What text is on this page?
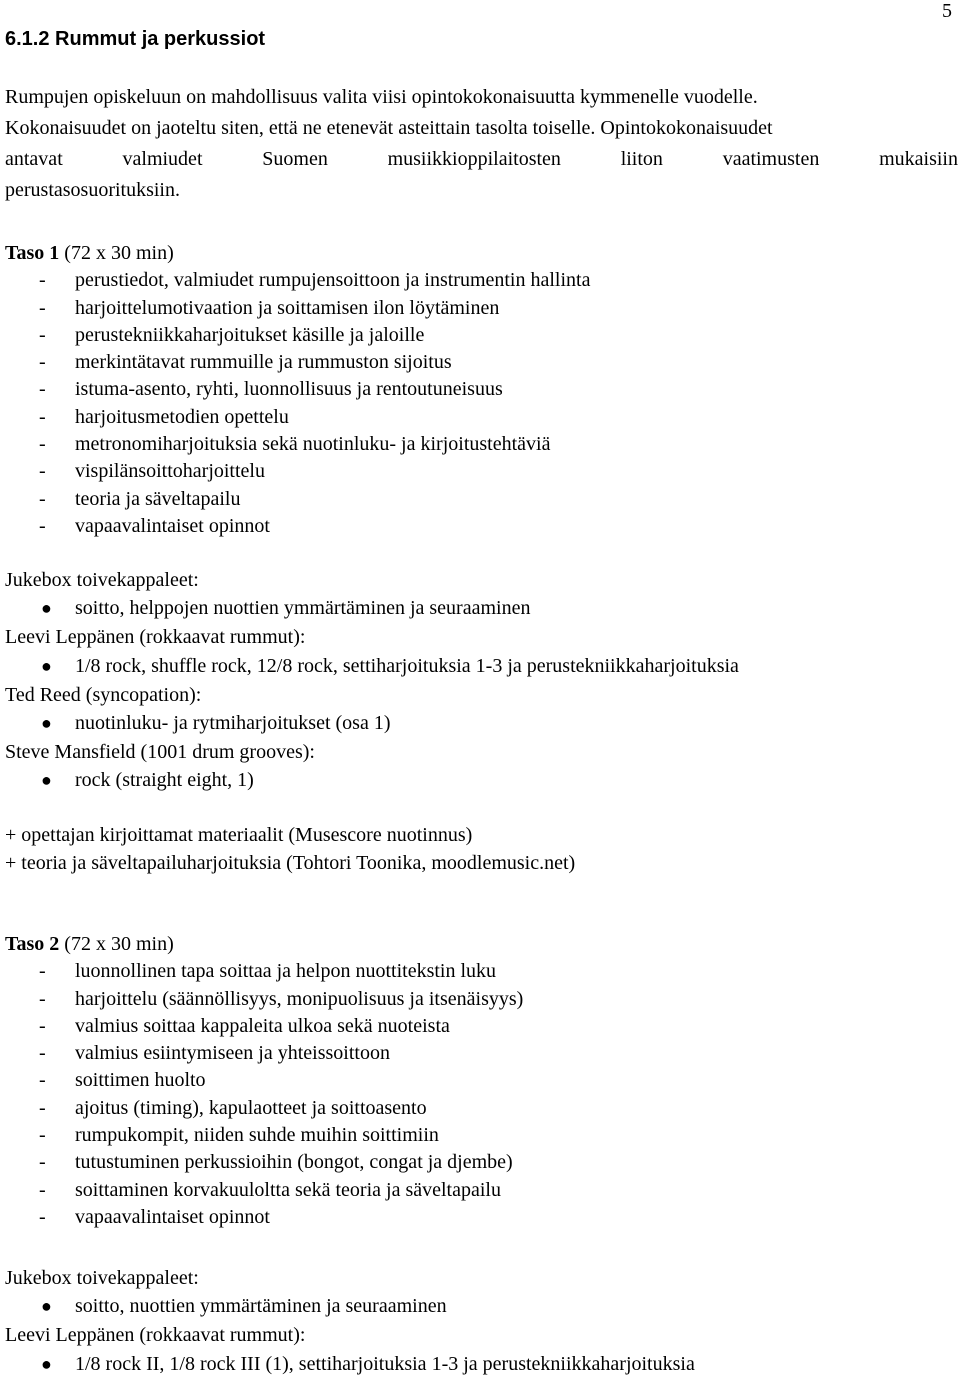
5
6.1.2 Rummut ja perkussiot
Rumpujen opiskeluun on mahdollisuus valita viisi opintokokonaisuutta kymmenelle vuodelle.
Kokonaisuudet on jaoteltu siten, että ne etenevät asteittain tasolta toiselle. Opintokokonaisuudet
antavat valmiudet Suomen musiikkioppilaitosten liiton vaatimusten mukaisiin
perustasosuorituksiin.
Taso 1 (72 x 30 min)
- perustiedot, valmiudet rumpujensoittoon ja instrumentin hallinta
- harjoittelumotivaation ja soittamisen ilon löytäminen
- perustekniikkaharjoitukset käsille ja jaloille
- merkintätavat rummuille ja rummuston sijoitus
- istuma-asento, ryhti, luonnollisuus ja rentoutuneisuus
- harjoitusmetodien opettelu
- metronomiharjoituksia sekä nuotinluku- ja kirjoitustehtäviä
- vispilänsoittoharjoittelu
- teoria ja säveltapailu
- vapaavalintaiset opinnot
Jukebox toivekappaleet:
● soitto, helppojen nuottien ymmärtäminen ja seuraaminen
Leevi Leppänen (rokkaavat rummut):
● 1/8 rock, shuffle rock, 12/8 rock, settiharjoituksia 1-3 ja perustekniikkaharjoituksia
Ted Reed (syncopation):
● nuotinluku- ja rytmiharjoitukset (osa 1)
Steve Mansfield (1001 drum grooves):
● rock (straight eight, 1)
+ opettajan kirjoittamat materiaalit (Musescore nuotinnus)
+ teoria ja säveltapailuharjoituksia (Tohtori Toonika, moodlemusic.net)
Taso 2 (72 x 30 min)
- luonnollinen tapa soittaa ja helpon nuottitekstin luku
- harjoittelu (säännöllisyys, monipuolisuus ja itsenäisyys)
- valmius soittaa kappaleita ulkoa sekä nuoteista
- valmius esiintymiseen ja yhteissoittoon
- soittimen huolto
- ajoitus (timing), kapulaotteet ja soittoasento
- rumpukompit, niiden suhde muihin soittimiin
- tutustuminen perkussioihin (bongot, congat ja djembe)
- soittaminen korvakuuloltta sekä teoria ja säveltapailu
- vapaavalintaiset opinnot
Jukebox toivekappaleet:
● soitto, nuottien ymmärtäminen ja seuraaminen
Leevi Leppänen (rokkaavat rummut):
● 1/8 rock II, 1/8 rock III (1), settiharjoituksia 1-3 ja perustekniikkaharjoituksia
